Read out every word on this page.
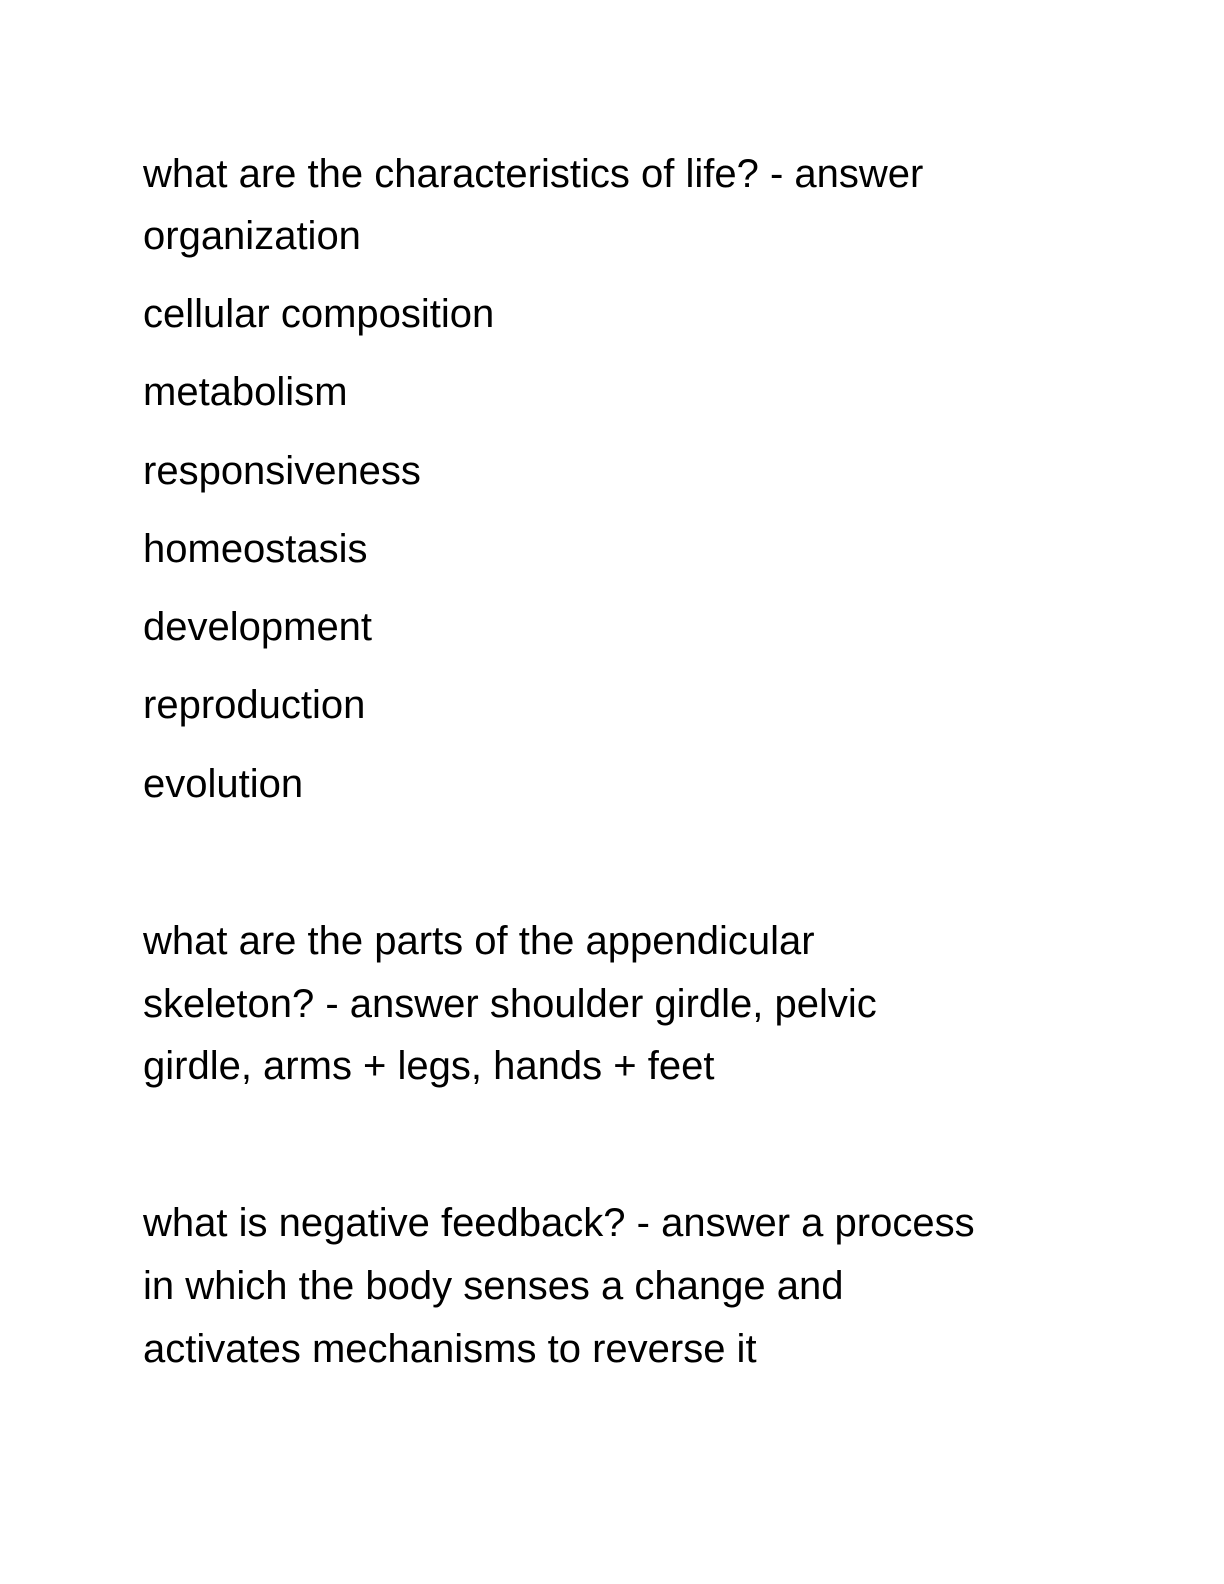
what are the characteristics of life? - answer

organization

cellular composition

metabolism

responsiveness

homeostasis

development

reproduction

evolution

what are the parts of the appendicular

skeleton? - answer shoulder girdle, pelvic

girdle, arms + legs, hands + feet

what is negative feedback? - answer a process

in which the body senses a change and

activates mechanisms to reverse it
